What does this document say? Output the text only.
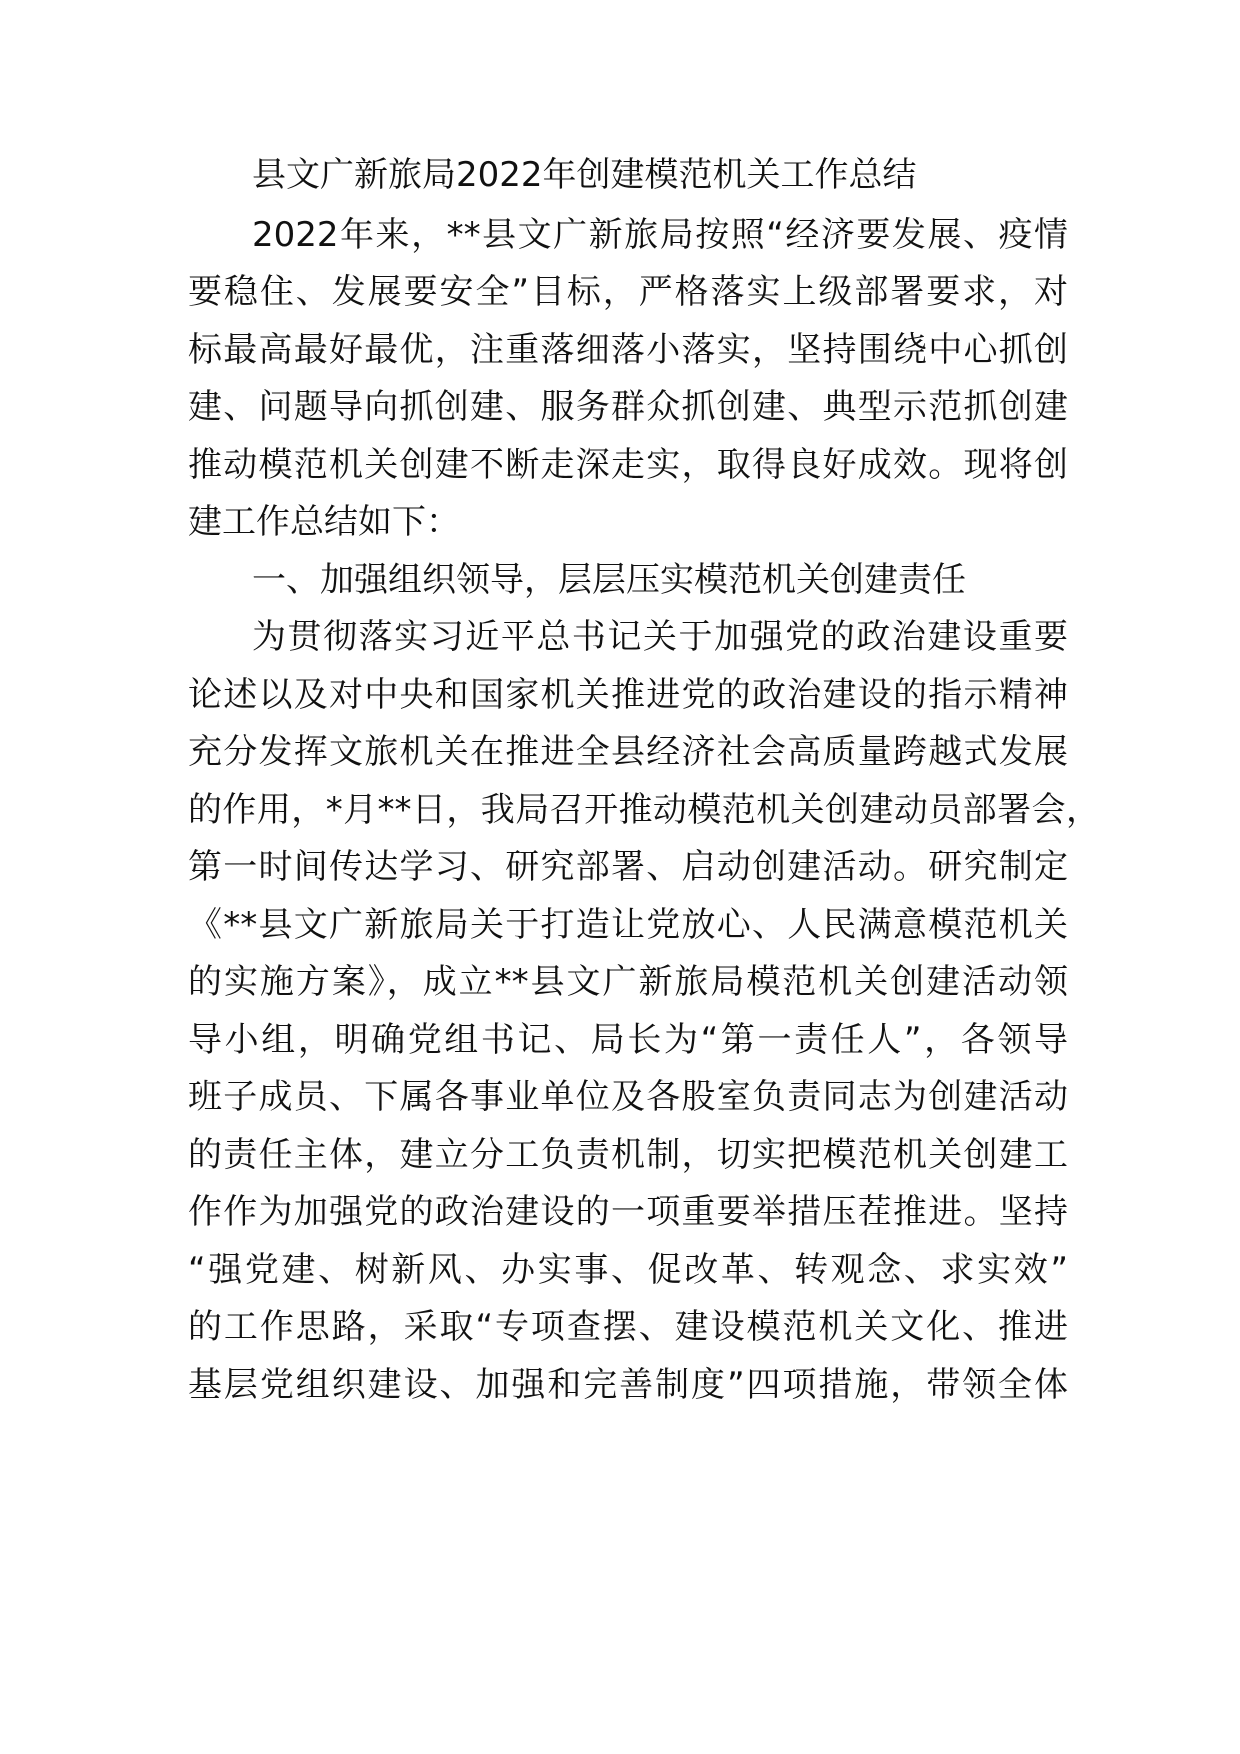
县文广新旅局2022年创建模范机关工作总结
2022年来，**县文广新旅局按照“经济要发展、疫情
要稳住、发展要安全”目标，严格落实上级部署要求，对
标最高最好最优，注重落细落小落实，坚持围绕中心抓创
建、问题导向抓创建、服务群众抓创建、典型示范抓创建
推动模范机关创建不断走深走实，取得良好成效。现将创
建工作总结如下：
一、加强组织领导，层层压实模范机关创建责任
为贯彻落实习近平总书记关于加强党的政治建设重要
论述以及对中央和国家机关推进党的政治建设的指示精神
充分发挥文旅机关在推进全县经济社会高质量跨越式发展
的作用，*月**日，我局召开推动模范机关创建动员部署会，
第一时间传达学习、研究部署、启动创建活动。研究制定
《**县文广新旅局关于打造让党放心、人民满意模范机关
的实施方案》，成立**县文广新旅局模范机关创建活动领
导小组，明确党组书记、局长为“第一责任人”，各领导
班子成员、下属各事业单位及各股室负责同志为创建活动
的责任主体，建立分工负责机制，切实把模范机关创建工
作作为加强党的政治建设的一项重要举措压茬推进。坚持
“强党建、树新风、办实事、促改革、转观念、求实效”
的工作思路，采取“专项查摆、建设模范机关文化、推进
基层党组织建设、加强和完善制度”四项措施，带领全体
